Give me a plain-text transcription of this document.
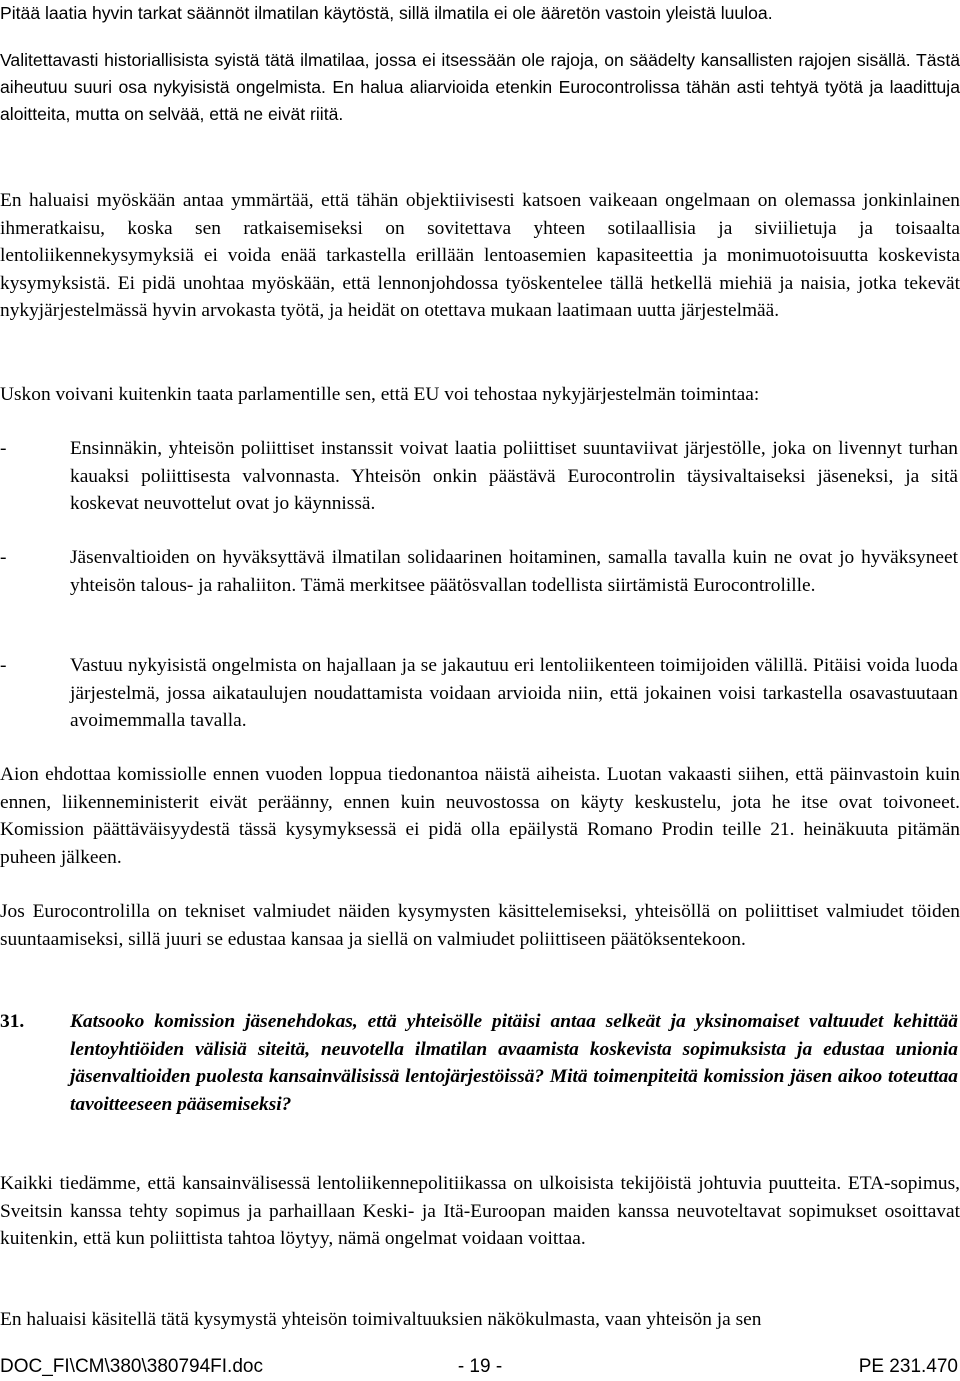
Pitää laatia hyvin tarkat säännöt ilmatilan käytöstä, sillä ilmatila ei ole ääretön vastoin yleistä luuloa.

Valitettavasti historiallisista syistä tätä ilmatilaa, jossa ei itsessään ole rajoja, on säädelty kansallisten rajojen sisällä. Tästä aiheutuu suuri osa nykyisistä ongelmista. En halua aliarvioida etenkin Eurocontrolissa tähän asti tehtyä työtä ja laadittuja aloitteita, mutta on selvää, että ne eivät riitä.

En haluaisi myöskään antaa ymmärtää, että tähän objektiivisesti katsoen vaikeaan ongelmaan on olemassa jonkinlainen ihmeratkaisu, koska sen ratkaisemiseksi on sovitettava yhteen sotilaallisia ja siviilietuja ja toisaalta lentoliikennekysymyksiä ei voida enää tarkastella erillään lentoasemien kapasiteettia ja monimuotoisuutta koskevista kysymyksistä. Ei pidä unohtaa myöskään, että lennonjohdossa työskentelee tällä hetkellä miehiä ja naisia, jotka tekevät nykyjärjestelmässä hyvin arvokasta työtä, ja heidät on otettava mukaan laatimaan uutta järjestelmää.
Uskon voivani kuitenkin taata parlamentille sen, että EU voi tehostaa nykyjärjestelmän toimintaa:
-	Ensinnäkin, yhteisön poliittiset instanssit voivat laatia poliittiset suuntaviivat järjestölle, joka on livennyt turhan kauaksi poliittisesta valvonnasta. Yhteisön onkin päästävä Eurocontrolin täysivaltaiseksi jäseneksi, ja sitä koskevat neuvottelut ovat jo käynnissä.
-	Jäsenvaltioiden on hyväksyttävä ilmatilan solidaarinen hoitaminen, samalla tavalla kuin ne ovat jo hyväksyneet yhteisön talous- ja rahaliiton. Tämä merkitsee päätösvallan todellista siirtämistä Eurocontrolille.
-	Vastuu nykyisistä ongelmista on hajallaan ja se jakautuu eri lentoliikenteen toimijoiden välillä. Pitäisi voida luoda järjestelmä, jossa aikataulujen noudattamista voidaan arvioida niin, että jokainen voisi tarkastella osavastuutaan avoimemmalla tavalla.
Aion ehdottaa komissiolle ennen vuoden loppua tiedonantoa näistä aiheista. Luotan vakaasti siihen, että päinvastoin kuin ennen, liikenneministerit eivät peräänny, ennen kuin neuvostossa on käyty keskustelu, jota he itse ovat toivoneet. Komission päättäväisyydestä tässä kysymyksessä ei pidä olla epäilystä Romano Prodin teille 21. heinäkuuta pitämän puheen jälkeen.
Jos Eurocontrolilla on tekniset valmiudet näiden kysymysten käsittelemiseksi, yhteisöllä on poliittiset valmiudet töiden suuntaamiseksi, sillä juuri se edustaa kansaa ja siellä on valmiudet poliittiseen päätöksentekoon.
31. Katsooko komission jäsenehdokas, että yhteisölle pitäisi antaa selkeät ja yksinomaiset valtuudet kehittää lentoyhtiöiden välisiä siteitä, neuvotella ilmatilan avaamista koskevista sopimuksista ja edustaa unionia jäsenvaltioiden puolesta kansainvälisissä lentojärjestöissä? Mitä toimenpiteitä komission jäsen aikoo toteuttaa tavoitteeseen pääsemiseksi?
Kaikki tiedämme, että kansainvälisessä lentoliikennepolitiikassa on ulkoisista tekijöistä johtuvia puutteita. ETA-sopimus, Sveitsin kanssa tehty sopimus ja parhaillaan Keski- ja Itä-Euroopan maiden kanssa neuvoteltavat sopimukset osoittavat kuitenkin, että kun poliittista tahtoa löytyy, nämä ongelmat voidaan voittaa.
En haluaisi käsitellä tätä kysymystä yhteisön toimivaltuuksien näkökulmasta, vaan yhteisön ja sen
DOC_FI\CM\380\380794FI.doc	- 19 -	PE 231.470
